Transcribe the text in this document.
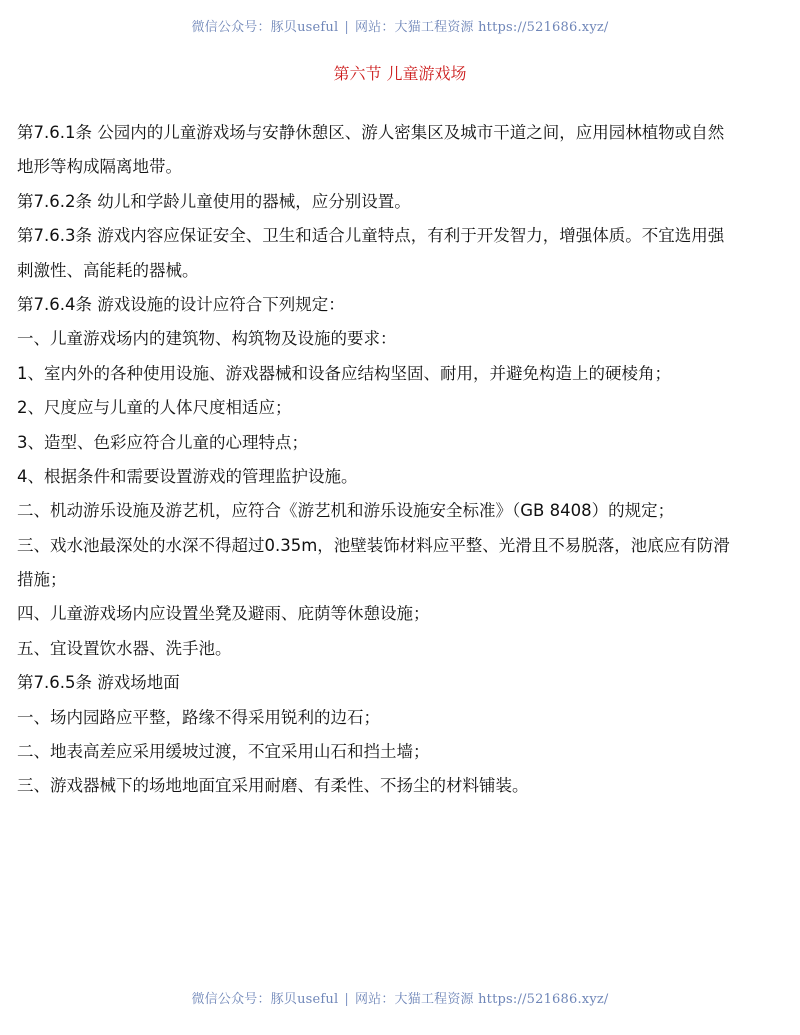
微信公众号：豚贝useful | 网站：大猫工程资源 https://521686.xyz/
第六节 儿童游戏场
第7.6.1条 公园内的儿童游戏场与安静休憩区、游人密集区及城市干道之间，应用园林植物或自然
地形等构成隔离地带。
第7.6.2条 幼儿和学龄儿童使用的器械，应分别设置。
第7.6.3条 游戏内容应保证安全、卫生和适合儿童特点，有利于开发智力，增强体质。不宜选用强
刺激性、高能耗的器械。
第7.6.4条 游戏设施的设计应符合下列规定：
一、儿童游戏场内的建筑物、构筑物及设施的要求：
1、室内外的各种使用设施、游戏器械和设备应结构坚固、耐用，并避免构造上的硬棱角；
2、尺度应与儿童的人体尺度相适应；
3、造型、色彩应符合儿童的心理特点；
4、根据条件和需要设置游戏的管理监护设施。
二、机动游乐设施及游艺机，应符合《游艺机和游乐设施安全标准》（GB 8408）的规定；
三、戏水池最深处的水深不得超过0.35m，池壁装饰材料应平整、光滑且不易脱落，池底应有防滑
措施；
四、儿童游戏场内应设置坐凳及避雨、庇荫等休憩设施；
五、宜设置饮水器、洗手池。
第7.6.5条 游戏场地面
一、场内园路应平整，路缘不得采用锐利的边石；
二、地表高差应采用缓坡过渡，不宜采用山石和挡土墙；
三、游戏器械下的场地地面宜采用耐磨、有柔性、不扬尘的材料铺装。
微信公众号：豚贝useful | 网站：大猫工程资源 https://521686.xyz/
